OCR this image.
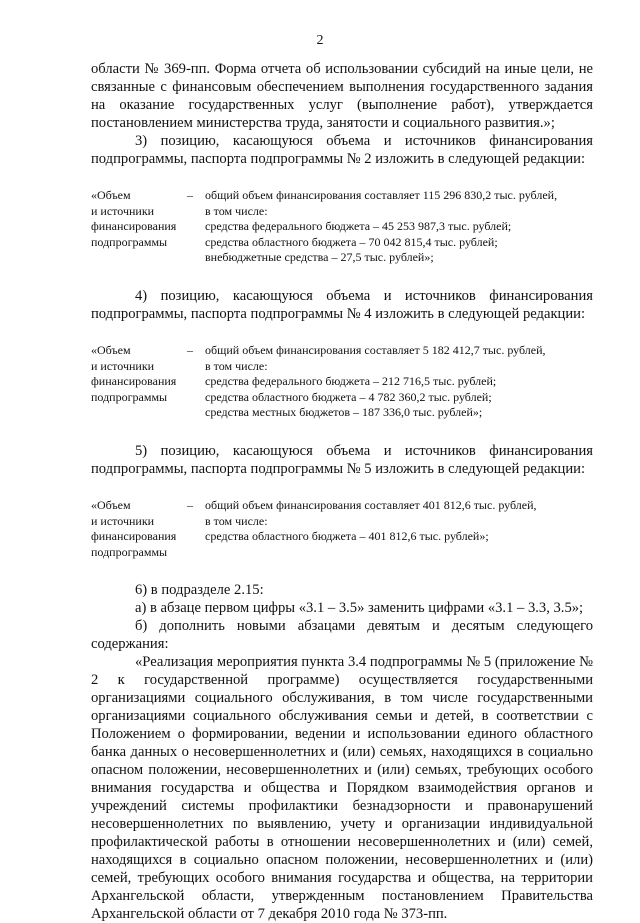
2

области № 369-пп. Форма отчета об использовании субсидий на иные цели, не связанные с финансовым обеспечением выполнения государственного задания на оказание государственных услуг (выполнение работ), утверждается постановлением министерства труда, занятости и социального развития.»;

3) позицию, касающуюся объема и источников финансирования

подпрограммы, паспорта подпрограммы № 2 изложить в следующей редакции:

«Объем
и источники
финансирования
подпрограммы
–	общий объем финансирования составляет 115 296 830,2 тыс. рублей,
в том числе:
средства федерального бюджета – 45 253 987,3 тыс. рублей;
средства областного бюджета – 70 042 815,4 тыс. рублей;
внебюджетные средства – 27,5 тыс. рублей»;

4) позицию, касающуюся объема и источников финансирования

подпрограммы, паспорта подпрограммы № 4 изложить в следующей редакции:

«Объем
и источники
финансирования
подпрограммы
–	общий объем финансирования составляет 5 182 412,7 тыс. рублей,
в том числе:
средства федерального бюджета – 212 716,5 тыс. рублей;
средства областного бюджета – 4 782 360,2 тыс. рублей;
средства местных бюджетов – 187 336,0 тыс. рублей»;

5) позицию, касающуюся объема и источников финансирования

подпрограммы, паспорта подпрограммы № 5 изложить в следующей редакции:

«Объем
и источники
финансирования
подпрограммы
–	общий объем финансирования составляет 401 812,6 тыс. рублей,
в том числе:
средства областного бюджета – 401 812,6 тыс. рублей»;

6) в подразделе 2.15:

а) в абзаце первом цифры «3.1 – 3.5» заменить цифрами «3.1 – 3.3, 3.5»;

б) дополнить новыми абзацами девятым и десятым следующего

содержания:

«Реализация мероприятия пункта 3.4 подпрограммы № 5 (приложение № 2 к государственной программе) осуществляется государственными организациями социального обслуживания, в том числе государственными организациями социального обслуживания семьи и детей, в соответствии с Положением о формировании, ведении и использовании единого областного банка данных о несовершеннолетних и (или) семьях, находящихся в социально опасном положении, несовершеннолетних и (или) семьях, требующих особого внимания государства и общества и Порядком взаимодействия органов и учреждений системы профилактики безнадзорности и правонарушений несовершеннолетних по выявлению, учету и организации индивидуальной профилактической работы в отношении несовершеннолетних и (или) семей, находящихся в социально опасном положении, несовершеннолетних и (или) семей, требующих особого внимания государства и общества, на территории Архангельской области, утвержденным постановлением Правительства Архангельской области от 7 декабря 2010 года № 373-пп.
